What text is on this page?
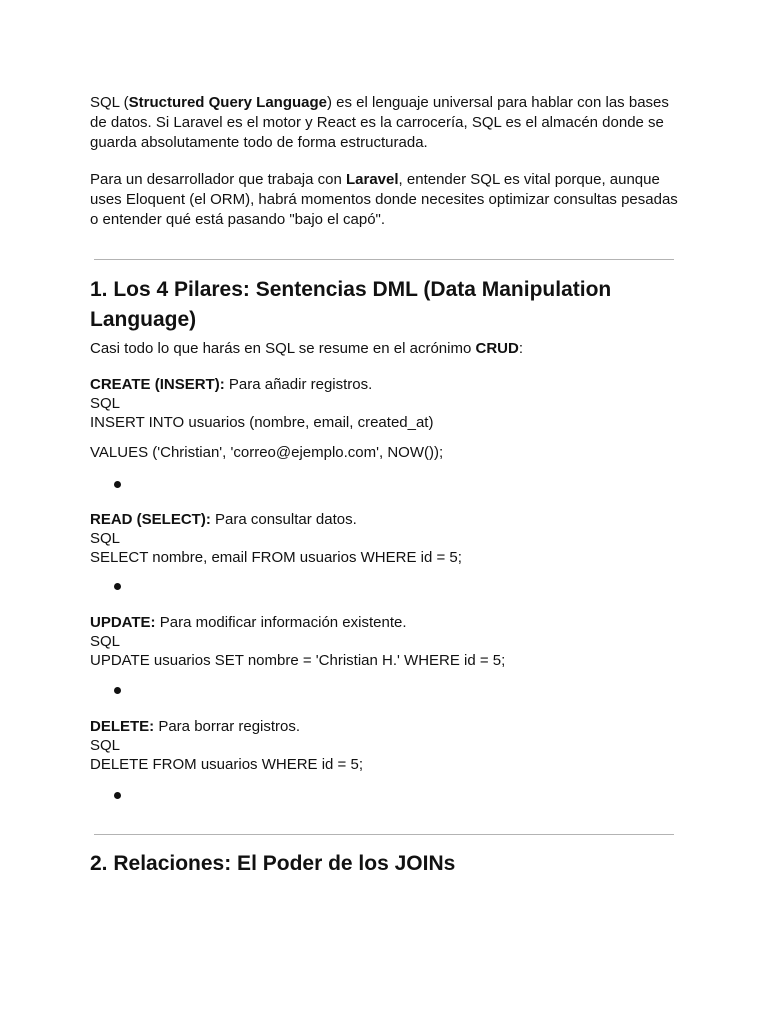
SQL (Structured Query Language) es el lenguaje universal para hablar con las bases de datos. Si Laravel es el motor y React es la carrocería, SQL es el almacén donde se guarda absolutamente todo de forma estructurada.

Para un desarrollador que trabaja con Laravel, entender SQL es vital porque, aunque uses Eloquent (el ORM), habrá momentos donde necesites optimizar consultas pesadas o entender qué está pasando "bajo el capó".

1. Los 4 Pilares: Sentencias DML (Data Manipulation Language)

Casi todo lo que harás en SQL se resume en el acrónimo CRUD:

CREATE (INSERT): Para añadir registros.
SQL
INSERT INTO usuarios (nombre, email, created_at)
VALUES ('Christian', 'correo@ejemplo.com', NOW());
READ (SELECT): Para consultar datos.
SQL
SELECT nombre, email FROM usuarios WHERE id = 5;
UPDATE: Para modificar información existente.
SQL
UPDATE usuarios SET nombre = 'Christian H.' WHERE id = 5;
DELETE: Para borrar registros.
SQL
DELETE FROM usuarios WHERE id = 5;
2. Relaciones: El Poder de los JOINs
